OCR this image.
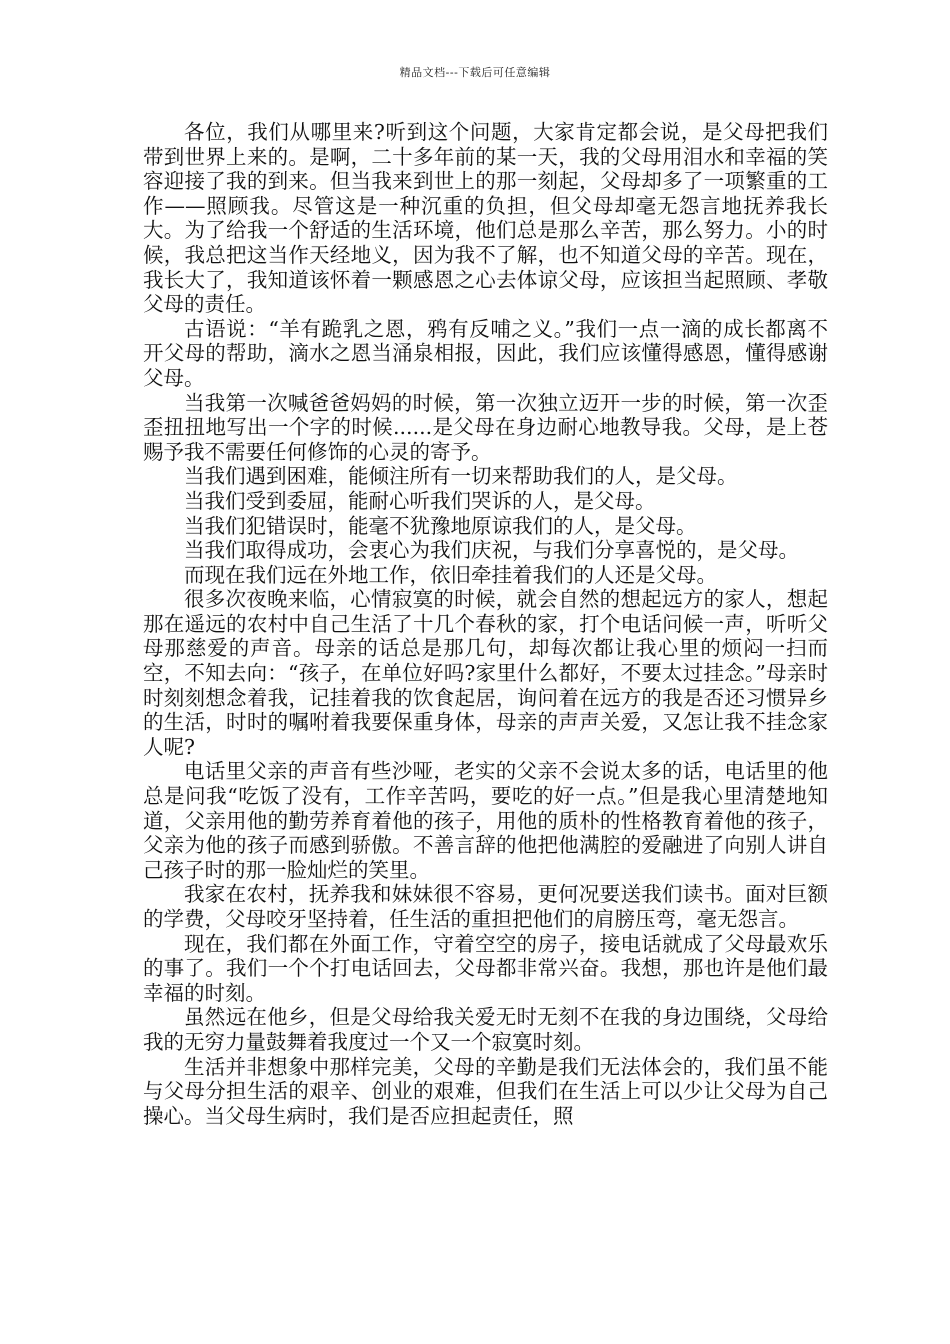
精品文档---下载后可任意编辑

各位，我们从哪里来?听到这个问题，大家肯定都会说，是父母把我们带到世界上来的。是啊，二十多年前的某一天，我的父母用泪水和幸福的笑容迎接了我的到来。但当我来到世上的那一刻起，父母却多了一项繁重的工作——照顾我。尽管这是一种沉重的负担，但父母却毫无怨言地抚养我长大。为了给我一个舒适的生活环境，他们总是那么辛苦，那么努力。小的时候，我总把这当作天经地义，因为我不了解，也不知道父母的辛苦。现在，我长大了，我知道该怀着一颗感恩之心去体谅父母，应该担当起照顾、孝敬父母的责任。

古语说：“羊有跪乳之恩，鸦有反哺之义。”我们一点一滴的成长都离不开父母的帮助，滴水之恩当涌泉相报，因此，我们应该懂得感恩，懂得感谢父母。

当我第一次喊爸爸妈妈的时候，第一次独立迈开一步的时候，第一次歪歪扭扭地写出一个字的时候......是父母在身边耐心地教导我。父母，是上苍赐予我不需要任何修饰的心灵的寄予。

当我们遇到困难，能倾注所有一切来帮助我们的人，是父母。

当我们受到委屈，能耐心听我们哭诉的人，是父母。

当我们犯错误时，能毫不犹豫地原谅我们的人，是父母。

当我们取得成功，会衷心为我们庆祝，与我们分享喜悦的，是父母。

而现在我们远在外地工作，依旧牵挂着我们的人还是父母。

很多次夜晚来临，心情寂寞的时候，就会自然的想起远方的家人，想起那在遥远的农村中自己生活了十几个春秋的家，打个电话问候一声，听听父母那慈爱的声音。母亲的话总是那几句，却每次都让我心里的烦闷一扫而空，不知去向：“孩子，在单位好吗?家里什么都好，不要太过挂念。”母亲时时刻刻想念着我，记挂着我的饮食起居，询问着在远方的我是否还习惯异乡的生活，时时的嘱咐着我要保重身体，母亲的声声关爱，又怎让我不挂念家人呢?

电话里父亲的声音有些沙哑，老实的父亲不会说太多的话，电话里的他总是问我“吃饭了没有，工作辛苦吗，要吃的好一点。”但是我心里清楚地知道，父亲用他的勤劳养育着他的孩子，用他的质朴的性格教育着他的孩子，父亲为他的孩子而感到骄傲。不善言辞的他把他满腔的爱融进了向别人讲自己孩子时的那一脸灿烂的笑里。

我家在农村，抚养我和妹妹很不容易，更何况要送我们读书。面对巨额的学费，父母咬牙坚持着，任生活的重担把他们的肩膀压弯，毫无怨言。

现在，我们都在外面工作，守着空空的房子，接电话就成了父母最欢乐的事了。我们一个个打电话回去，父母都非常兴奋。我想，那也许是他们最幸福的时刻。

虽然远在他乡，但是父母给我关爱无时无刻不在我的身边围绕，父母给我的无穷力量鼓舞着我度过一个又一个寂寞时刻。

生活并非想象中那样完美，父母的辛勤是我们无法体会的，我们虽不能与父母分担生活的艰辛、创业的艰难，但我们在生活上可以少让父母为自己操心。当父母生病时，我们是否应担起责任，照
